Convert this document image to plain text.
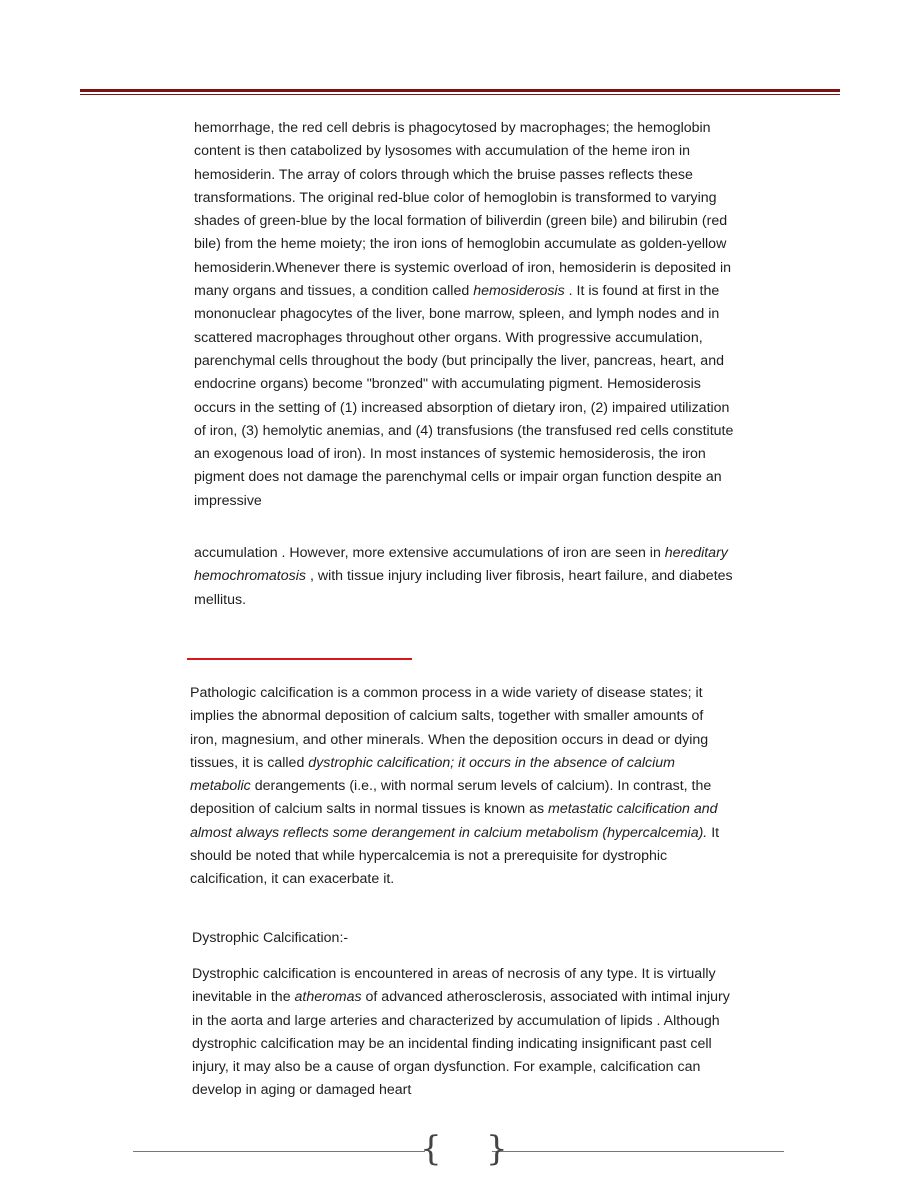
hemorrhage, the red cell debris is phagocytosed by macrophages; the hemoglobin content is then catabolized by lysosomes with accumulation of the heme iron in hemosiderin. The array of colors through which the bruise passes reflects these transformations. The original red-blue color of hemoglobin is transformed to varying shades of green-blue by the local formation of biliverdin (green bile) and bilirubin (red bile) from the heme moiety; the iron ions of hemoglobin accumulate as golden-yellow hemosiderin.Whenever there is systemic overload of iron, hemosiderin is deposited in many organs and tissues, a condition called hemosiderosis . It is found at first in the mononuclear phagocytes of the liver, bone marrow, spleen, and lymph nodes and in scattered macrophages throughout other organs. With progressive accumulation, parenchymal cells throughout the body (but principally the liver, pancreas, heart, and endocrine organs) become "bronzed" with accumulating pigment. Hemosiderosis occurs in the setting of (1) increased absorption of dietary iron, (2) impaired utilization of iron, (3) hemolytic anemias, and (4) transfusions (the transfused red cells constitute an exogenous load of iron). In most instances of systemic hemosiderosis, the iron pigment does not damage the parenchymal cells or impair organ function despite an impressive

accumulation . However, more extensive accumulations of iron are seen in hereditary hemochromatosis , with tissue injury including liver fibrosis, heart failure, and diabetes mellitus.

Pathologic calcification is a common process in a wide variety of disease states; it implies the abnormal deposition of calcium salts, together with smaller amounts of iron, magnesium, and other minerals. When the deposition occurs in dead or dying tissues, it is called dystrophic calcification; it occurs in the absence of calcium metabolic derangements (i.e., with normal serum levels of calcium). In contrast, the deposition of calcium salts in normal tissues is known as metastatic calcification and almost always reflects some derangement in calcium metabolism (hypercalcemia). It should be noted that while hypercalcemia is not a prerequisite for dystrophic calcification, it can exacerbate it.

Dystrophic Calcification:-

Dystrophic calcification is encountered in areas of necrosis of any type. It is virtually inevitable in the atheromas of advanced atherosclerosis, associated with intimal injury in the aorta and large arteries and characterized by accumulation of lipids . Although dystrophic calcification may be an incidental finding indicating insignificant past cell injury, it may also be a cause of organ dysfunction. For example, calcification can develop in aging or damaged heart

{ }
